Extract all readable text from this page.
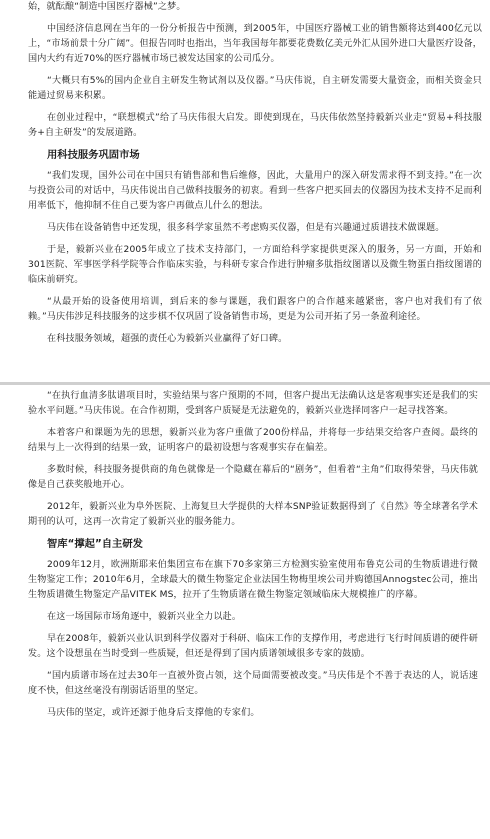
始，就酝酿“制造中国医疗器械”之梦。

中国经济信息网在当年的一份分析报告中预测，到2005年，中国医疗器械工业的销售额将达到400亿元以上，“市场前景十分广阔”。但报告同时也指出，当年我国每年都要花费数亿美元外汇从国外进口大量医疗设备，国内大约有近70%的医疗器械市场已被发达国家的公司瓜分。

“大概只有5%的国内企业自主研发生物试剂以及仪器。”马庆伟说，自主研发需要大量资金，而相关资金只能通过贸易来积累。

在创业过程中，“联想模式”给了马庆伟很大启发。即使到现在，马庆伟依然坚持毅新兴业走“贸易+科技服务+自主研发”的发展道路。

用科技服务巩固市场

“我们发现，国外公司在中国只有销售部和售后维修，因此，大量用户的深入研发需求得不到支持。”在一次与投资公司的对话中，马庆伟说出自己做科技服务的初衷。看到一些客户把买回去的仪器因为技术支持不足而利用率低下，他抑制不住自己要为客户再做点儿什么的想法。

马庆伟在设备销售中还发现，很多科学家虽然不考虑购买仪器，但是有兴趣通过质谱技术做课题。

于是，毅新兴业在2005年成立了技术支持部门，一方面给科学家提供更深入的服务，另一方面，开始和301医院、军事医学科学院等合作临床实验，与科研专家合作进行肿瘤多肽指纹图谱以及微生物蛋白指纹图谱的临床前研究。

“从最开始的设备使用培训，到后来的参与课题，我们跟客户的合作越来越紧密，客户也对我们有了依赖。”马庆伟涉足科技服务的这步棋不仅巩固了设备销售市场，更是为公司开拓了另一条盈利途径。

在科技服务领域，超强的责任心为毅新兴业赢得了好口碑。

“在执行血清多肽谱项目时，实验结果与客户预期的不同，但客户提出无法确认这是客观事实还是我们的实验水平问题。”马庆伟说。在合作初期，受到客户质疑是无法避免的，毅新兴业选择同客户一起寻找答案。

本着客户和课题为先的思想，毅新兴业为客户重做了200份样品，并将每一步结果交给客户查阅。最终的结果与上一次得到的结果一致，证明客户的最初设想与客观事实存在偏差。

多数时候，科技服务提供商的角色就像是一个隐藏在幕后的“剧务”，但看着“主角”们取得荣誉，马庆伟就像是自己获奖般地开心。

2012年，毅新兴业为阜外医院、上海复旦大学提供的大样本SNP验证数据得到了《自然》等全球著名学术期刊的认可，这再一次肯定了毅新兴业的服务能力。

智库“撑起”自主研发

2009年12月，欧洲斯耶来伯集团宣布在旗下70多家第三方检测实验室使用布鲁克公司的生物质谱进行微生物鉴定工作；2010年6月，全球最大的微生物鉴定企业法国生物梅里埃公司并购德国Annogstec公司，推出生物质谱微生物鉴定产品VITEK MS，拉开了生物质谱在微生物鉴定领域临床大规模推广的序幕。

在这一场国际市场角逐中，毅新兴业全力以赴。

早在2008年，毅新兴业认识到科学仪器对于科研、临床工作的支撑作用，考虑进行飞行时间质谱的硬件研发。这个设想虽在当时受到一些质疑，但还是得到了国内质谱领域很多专家的鼓励。

“国内质谱市场在过去30年一直被外资占领，这个局面需要被改变。”马庆伟是个不善于表达的人，说话速度不快，但这丝毫没有削弱话语里的坚定。

马庆伟的坚定，或许还源于他身后支撑他的专家们。
